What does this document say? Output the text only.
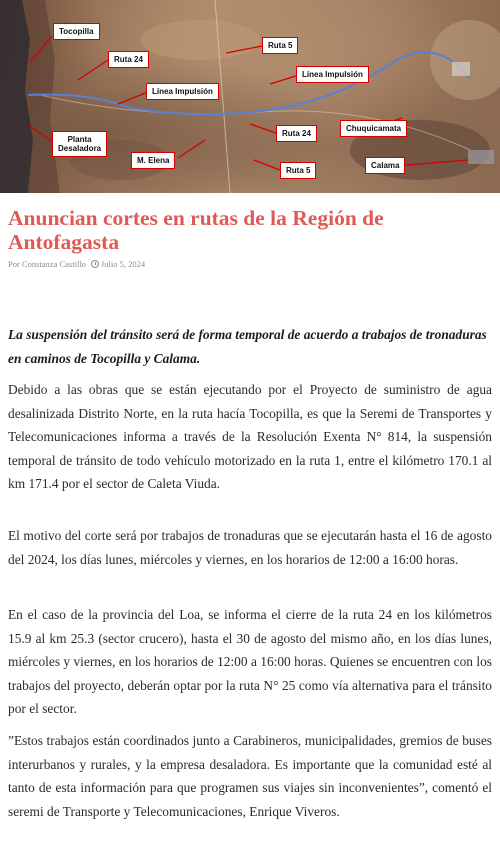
Tocopilla
Ruta 24
Ruta 5
Línea Impulsión
Línea Impulsión
Planta
Desaladora
M. Elena
Ruta 24
Chuquicamata
Ruta 5
Calama
Anuncian cortes en rutas de la Región de Antofagasta
Por Constanza Castillo Julio 5, 2024

La suspensión del tránsito será de forma temporal de acuerdo a trabajos de tronaduras en caminos de Tocopilla y Calama.

Debido a las obras que se están ejecutando por el Proyecto de suministro de agua desalinizada Distrito Norte, en la ruta hacía Tocopilla, es que la Seremi de Transportes y Telecomunicaciones informa a través de la Resolución Exenta N° 814, la suspensión temporal de tránsito de todo vehículo motorizado en la ruta 1, entre el kilómetro 170.1 al km 171.4 por el sector de Caleta Viuda.

El motivo del corte será por trabajos de tronaduras que se ejecutarán hasta el 16 de agosto del 2024, los días lunes, miércoles y viernes, en los horarios de 12:00 a 16:00 horas.

En el caso de la provincia del Loa, se informa el cierre de la ruta 24 en los kilómetros 15.9 al km 25.3 (sector crucero), hasta el 30 de agosto del mismo año, en los días lunes, miércoles y viernes, en los horarios de 12:00 a 16:00 horas. Quienes se encuentren con los trabajos del proyecto, deberán optar por la ruta N° 25 como vía alternativa para el tránsito por el sector.

”Estos trabajos están coordinados junto a Carabineros, municipalidades, gremios de buses interurbanos y rurales, y la empresa desaladora. Es importante que la comunidad esté al tanto de esta información para que programen sus viajes sin inconvenientes”, comentó el seremi de Transporte y Telecomunicaciones, Enrique Viveros.
